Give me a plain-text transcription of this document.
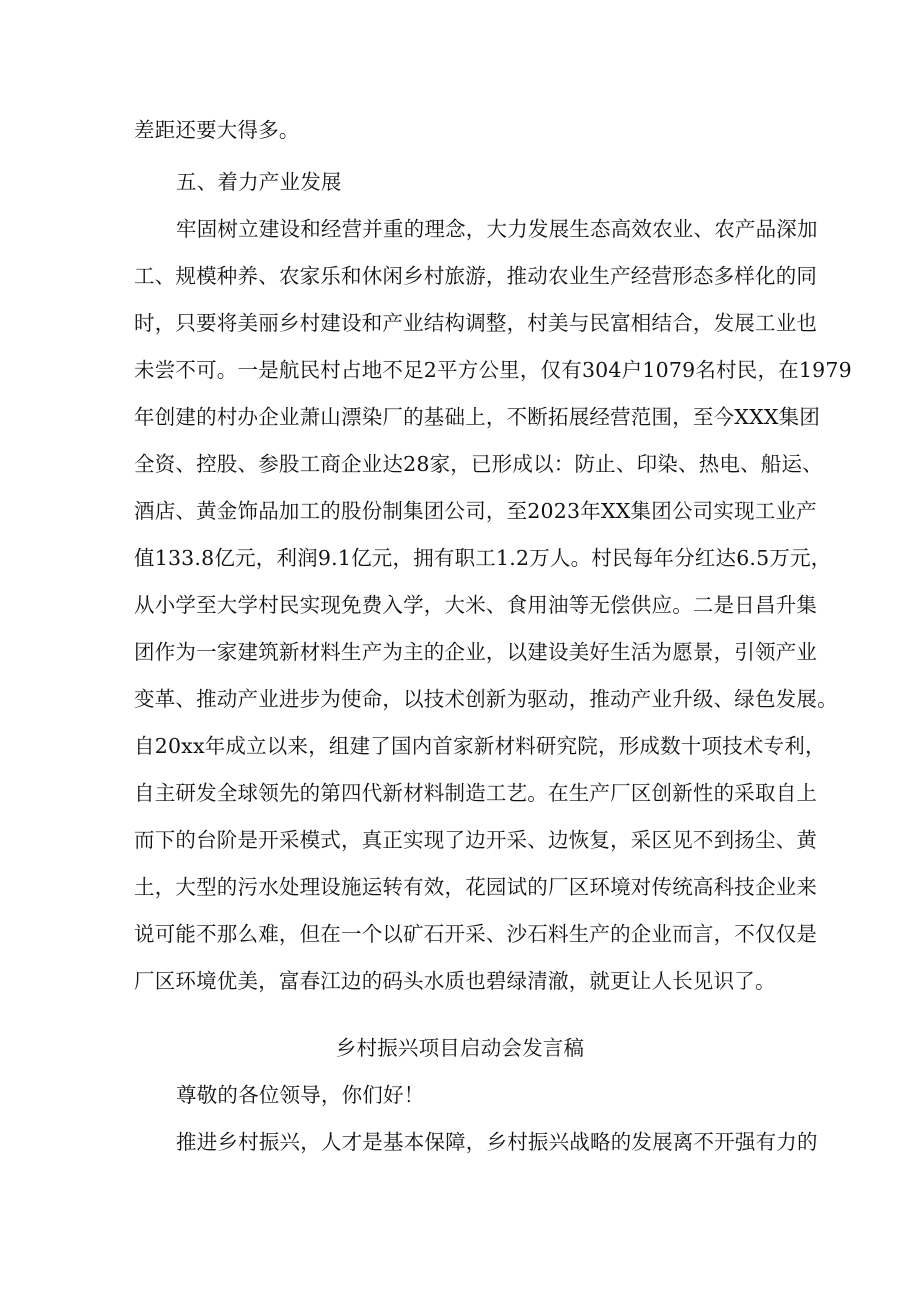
差距还要大得多。
五、着力产业发展
牢固树立建设和经营并重的理念，大力发展生态高效农业、农产品深加
工、规模种养、农家乐和休闲乡村旅游，推动农业生产经营形态多样化的同
时，只要将美丽乡村建设和产业结构调整，村美与民富相结合，发展工业也
未尝不可。一是航民村占地不足2平方公里，仅有304户1079名村民，在1979
年创建的村办企业萧山漂染厂的基础上，不断拓展经营范围，至今XXX集团
全资、控股、参股工商企业达28家，已形成以：防止、印染、热电、船运、
酒店、黄金饰品加工的股份制集团公司，至2023年XX集团公司实现工业产
值133.8亿元，利润9.1亿元，拥有职工1.2万人。村民每年分红达6.5万元，
从小学至大学村民实现免费入学，大米、食用油等无偿供应。二是日昌升集
团作为一家建筑新材料生产为主的企业，以建设美好生活为愿景，引领产业
变革、推动产业进步为使命，以技术创新为驱动，推动产业升级、绿色发展。
自20xx年成立以来，组建了国内首家新材料研究院，形成数十项技术专利，
自主研发全球领先的第四代新材料制造工艺。在生产厂区创新性的采取自上
而下的台阶是开采模式，真正实现了边开采、边恢复，采区见不到扬尘、黄
土，大型的污水处理设施运转有效，花园试的厂区环境对传统高科技企业来
说可能不那么难，但在一个以矿石开采、沙石料生产的企业而言，不仅仅是
厂区环境优美，富春江边的码头水质也碧绿清澈，就更让人长见识了。
乡村振兴项目启动会发言稿
尊敬的各位领导，你们好！
推进乡村振兴，人才是基本保障，乡村振兴战略的发展离不开强有力的
